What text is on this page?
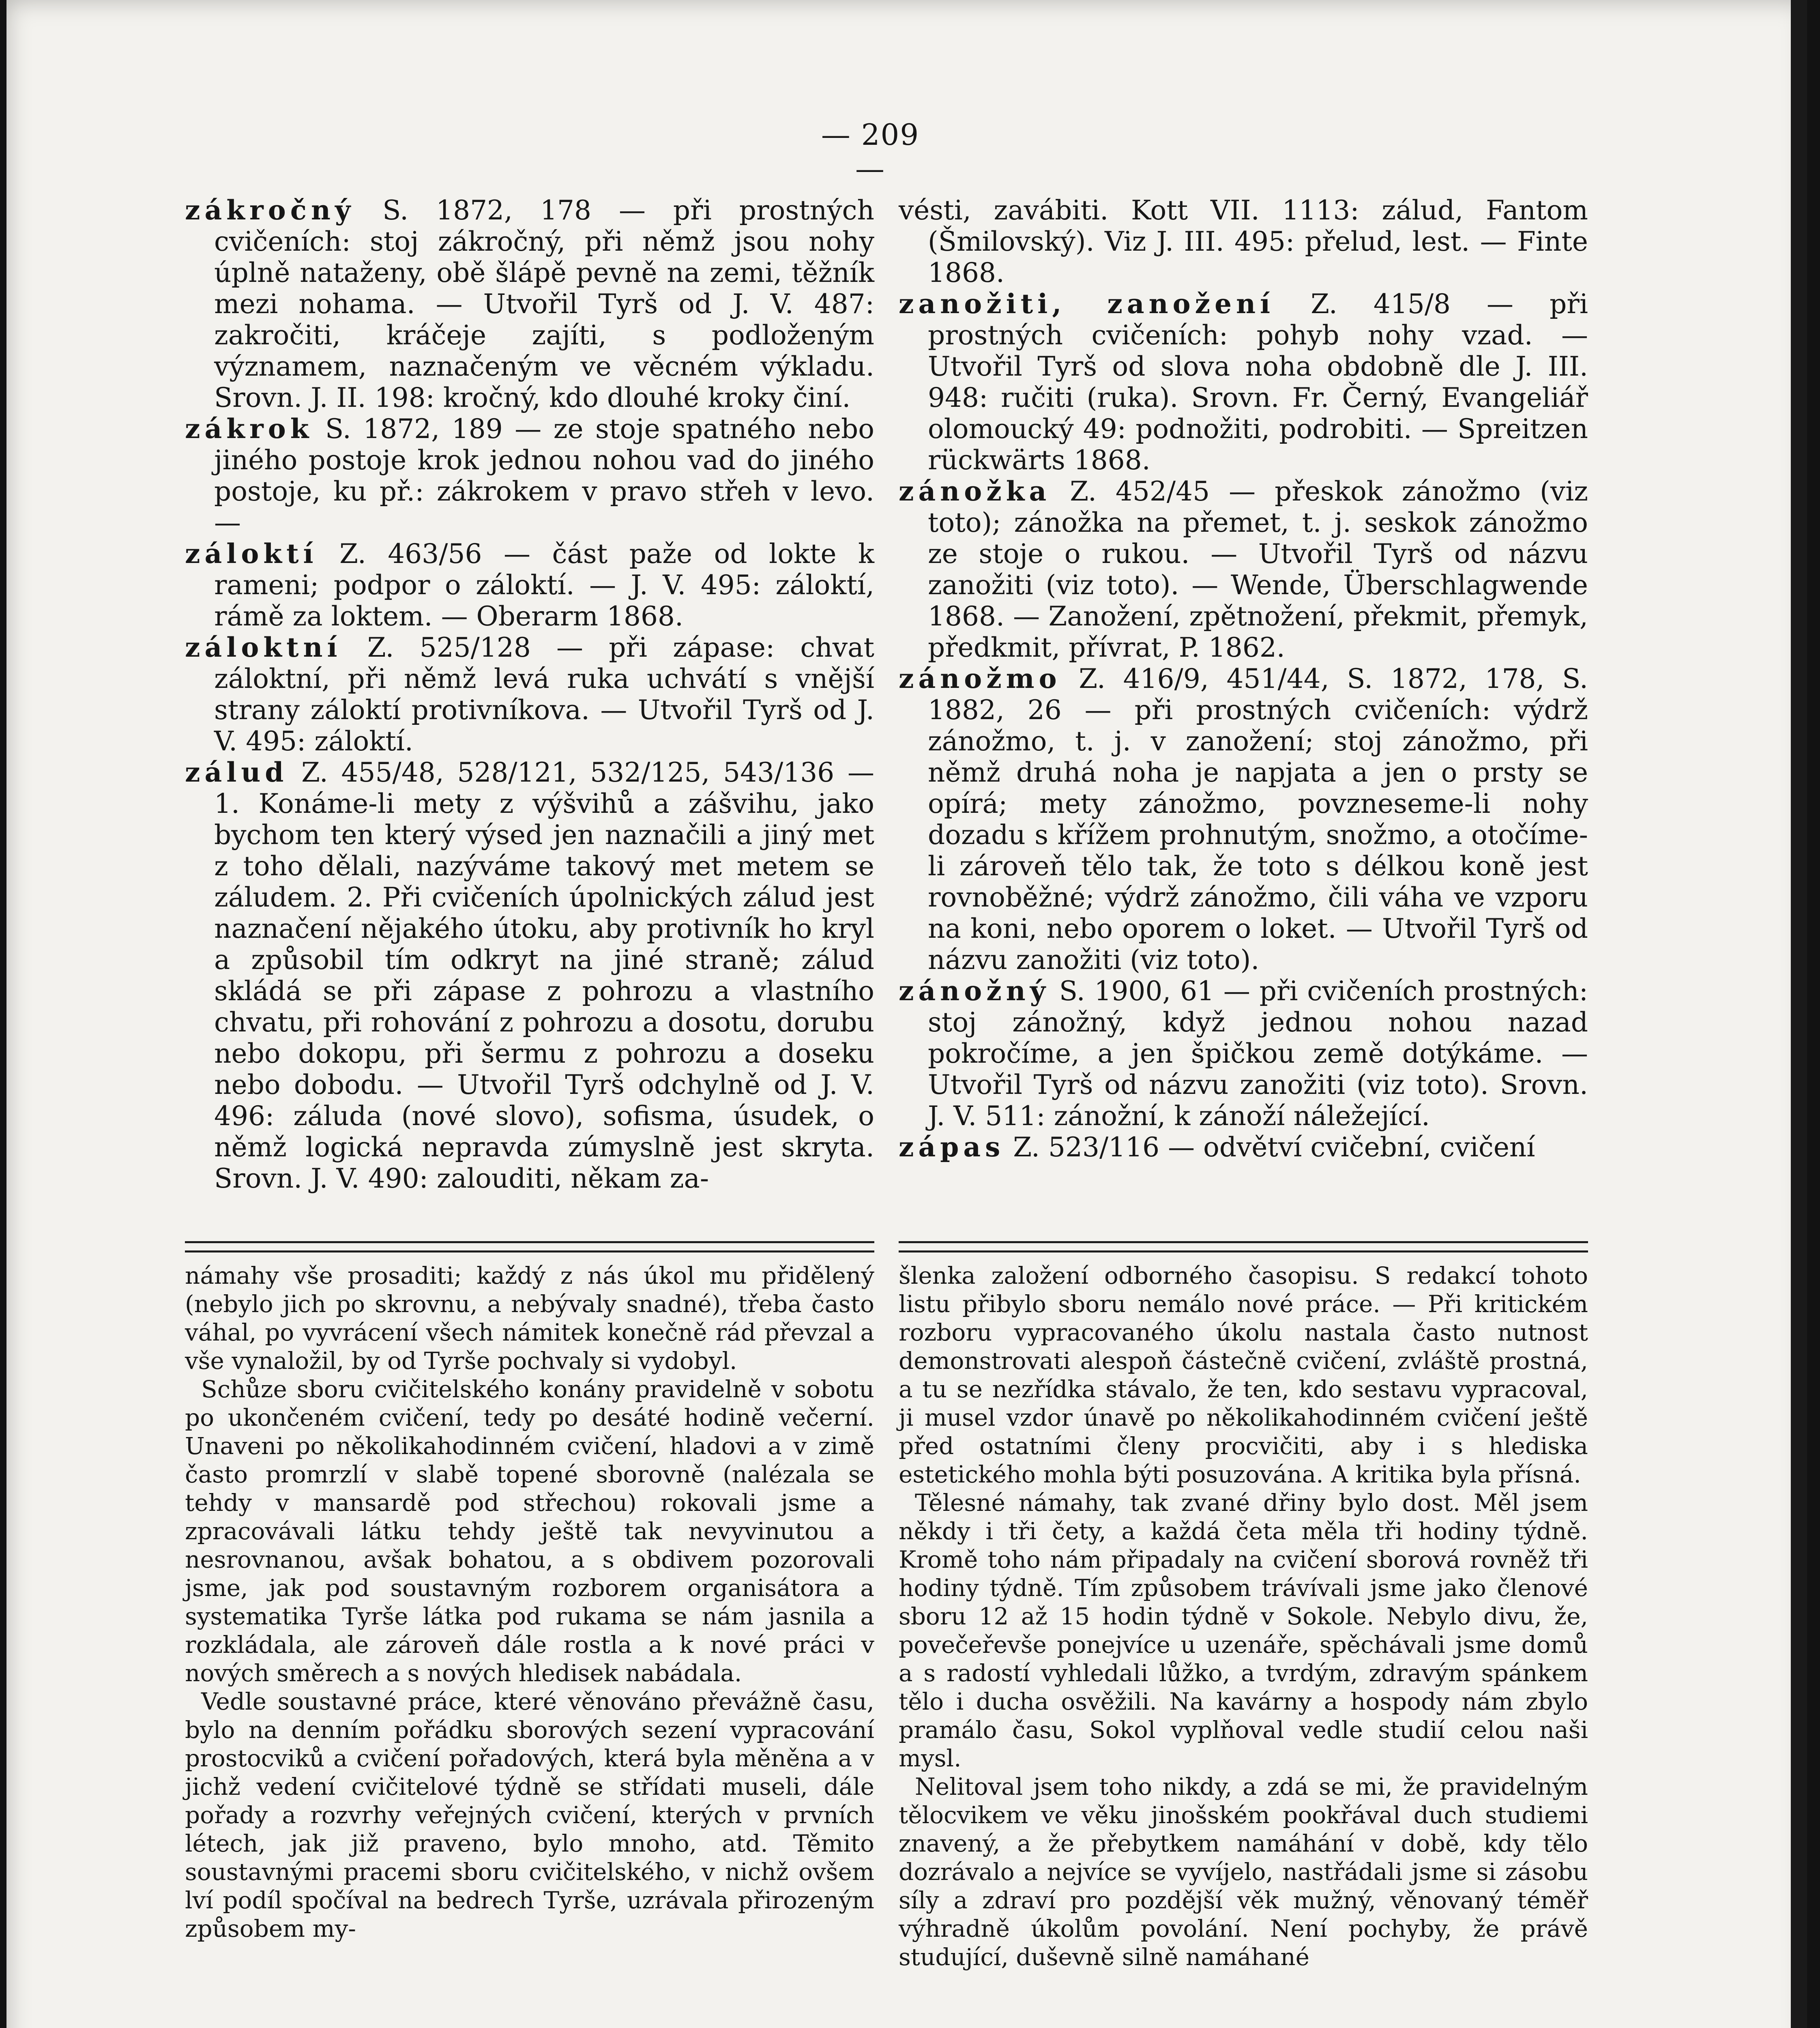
— 209 —

zákročný S. 1872, 178 — při prostných cvičeních: stoj zákročný, při němž jsou nohy úplně nataženy, obě šlápě pevně na zemi, těžník mezi nohama. — Utvořil Tyrš od J. V. 487: zakročiti, kráčeje zajíti, s podloženým významem, naznačeným ve věcném výkladu. Srovn. J. II. 198: kročný, kdo dlouhé kroky činí.

zákrok S. 1872, 189 — ze stoje spatného nebo jiného postoje krok jednou nohou vad do jiného postoje, ku př.: zákrokem v pravo střeh v levo. —

záloktí Z. 463/56 — část paže od lokte k rameni; podpor o záloktí. — J. V. 495: záloktí, rámě za loktem. — Oberarm 1868.

záloktní Z. 525/128 — při zápase: chvat záloktní, při němž levá ruka uchvátí s vnější strany záloktí protivníkova. — Utvořil Tyrš od J. V. 495: záloktí.

zálud Z. 455/48, 528/121, 532/125, 543/136 — 1. Konáme-li mety z výšvihů a zášvihu, jako bychom ten který výsed jen naznačili a jiný met z toho dělali, nazýváme takový met metem se záludem. 2. Při cvičeních úpolnických zálud jest naznačení nějakého útoku, aby protivník ho kryl a způsobil tím odkryt na jiné straně; zálud skládá se při zápase z pohrozu a vlastního chvatu, při rohování z pohrozu a dosotu, dorubu nebo dokopu, při šermu z pohrozu a doseku nebo dobodu. — Utvořil Tyrš odchylně od J. V. 496: záluda (nové slovo), sofisma, úsudek, o němž logická nepravda zúmyslně jest skryta. Srovn. J. V. 490: zalouditi, někam za-

vésti, zavábiti. Kott VII. 1113: zálud, Fantom (Šmilovský). Viz J. III. 495: přelud, lest. — Finte 1868.

zanožiti, zanožení Z. 415/8 — při prostných cvičeních: pohyb nohy vzad. — Utvořil Tyrš od slova noha obdobně dle J. III. 948: ručiti (ruka). Srovn. Fr. Černý, Evangeliář olomoucký 49: podnožiti, podrobiti. — Spreitzen rückwärts 1868.

zánožka Z. 452/45 — přeskok zánožmo (viz toto); zánožka na přemet, t. j. seskok zánožmo ze stoje o rukou. — Utvořil Tyrš od názvu zanožiti (viz toto). — Wende, Überschlagwende 1868. — Zanožení, zpětnožení, překmit, přemyk, předkmit, přívrat, P. 1862.

zánožmo Z. 416/9, 451/44, S. 1872, 178, S. 1882, 26 — při prostných cvičeních: výdrž zánožmo, t. j. v zanožení; stoj zánožmo, při němž druhá noha je napjata a jen o prsty se opírá; mety zánožmo, povzneseme-li nohy dozadu s křížem prohnutým, snožmo, a otočíme-li zároveň tělo tak, že toto s délkou koně jest rovnoběžné; výdrž zánožmo, čili váha ve vzporu na koni, nebo oporem o loket. — Utvořil Tyrš od názvu zanožiti (viz toto).

zánožný S. 1900, 61 — při cvičeních prostných: stoj zánožný, když jednou nohou nazad pokročíme, a jen špičkou země dotýkáme. — Utvořil Tyrš od názvu zanožiti (viz toto). Srovn. J. V. 511: zánožní, k zánoží náležející.

zápas Z. 523/116 — odvětví cvičební, cvičení

námahy vše prosaditi; každý z nás úkol mu přidělený (nebylo jich po skrovnu, a nebývaly snadné), třeba často váhal, po vyvrácení všech námitek konečně rád převzal a vše vynaložil, by od Tyrše pochvaly si vydobyl.

Schůze sboru cvičitelského konány pravidelně v sobotu po ukončeném cvičení, tedy po desáté hodině večerní. Unaveni po několikahodinném cvičení, hladovi a v zimě často promrzlí v slabě topené sborovně (nalézala se tehdy v mansardě pod střechou) rokovali jsme a zpracovávali látku tehdy ještě tak nevyvinutou a nesrovnanou, avšak bohatou, a s obdivem pozorovali jsme, jak pod soustavným rozborem organisátora a systematika Tyrše látka pod rukama se nám jasnila a rozkládala, ale zároveň dále rostla a k nové práci v nových směrech a s nových hledisek nabádala.

Vedle soustavné práce, které věnováno převážně času, bylo na denním pořádku sborových sezení vypracování prostocviků a cvičení pořadových, která byla měněna a v jichž vedení cvičitelové týdně se střídati museli, dále pořady a rozvrhy veřejných cvičení, kterých v prvních létech, jak již praveno, bylo mnoho, atd. Těmito soustavnými pracemi sboru cvičitelského, v nichž ovšem lví podíl spočíval na bedrech Tyrše, uzrávala přirozeným způsobem my-

šlenka založení odborného časopisu. S redakcí tohoto listu přibylo sboru nemálo nové práce. — Při kritickém rozboru vypracovaného úkolu nastala často nutnost demonstrovati alespoň částečně cvičení, zvláště prostná, a tu se nezřídka stávalo, že ten, kdo sestavu vypracoval, ji musel vzdor únavě po několikahodinném cvičení ještě před ostatními členy procvičiti, aby i s hlediska estetického mohla býti posuzována. A kritika byla přísná.

Tělesné námahy, tak zvané dřiny bylo dost. Měl jsem někdy i tři čety, a každá četa měla tři hodiny týdně. Kromě toho nám připadaly na cvičení sborová rovněž tři hodiny týdně. Tím způsobem trávívali jsme jako členové sboru 12 až 15 hodin týdně v Sokole. Nebylo divu, že, povečeřevše ponejvíce u uzenáře, spěchávali jsme domů a s radostí vyhledali lůžko, a tvrdým, zdravým spánkem tělo i ducha osvěžili. Na kavárny a hospody nám zbylo pramálo času, Sokol vyplňoval vedle studií celou naši mysl.

Nelitoval jsem toho nikdy, a zdá se mi, že pravidelným tělocvikem ve věku jinošském pookřával duch studiemi znavený, a že přebytkem namáhání v době, kdy tělo dozrávalo a nejvíce se vyvíjelo, nastřádali jsme si zásobu síly a zdraví pro pozdější věk mužný, věnovaný téměř výhradně úkolům povolání. Není pochyby, že právě studující, duševně silně namáhané
